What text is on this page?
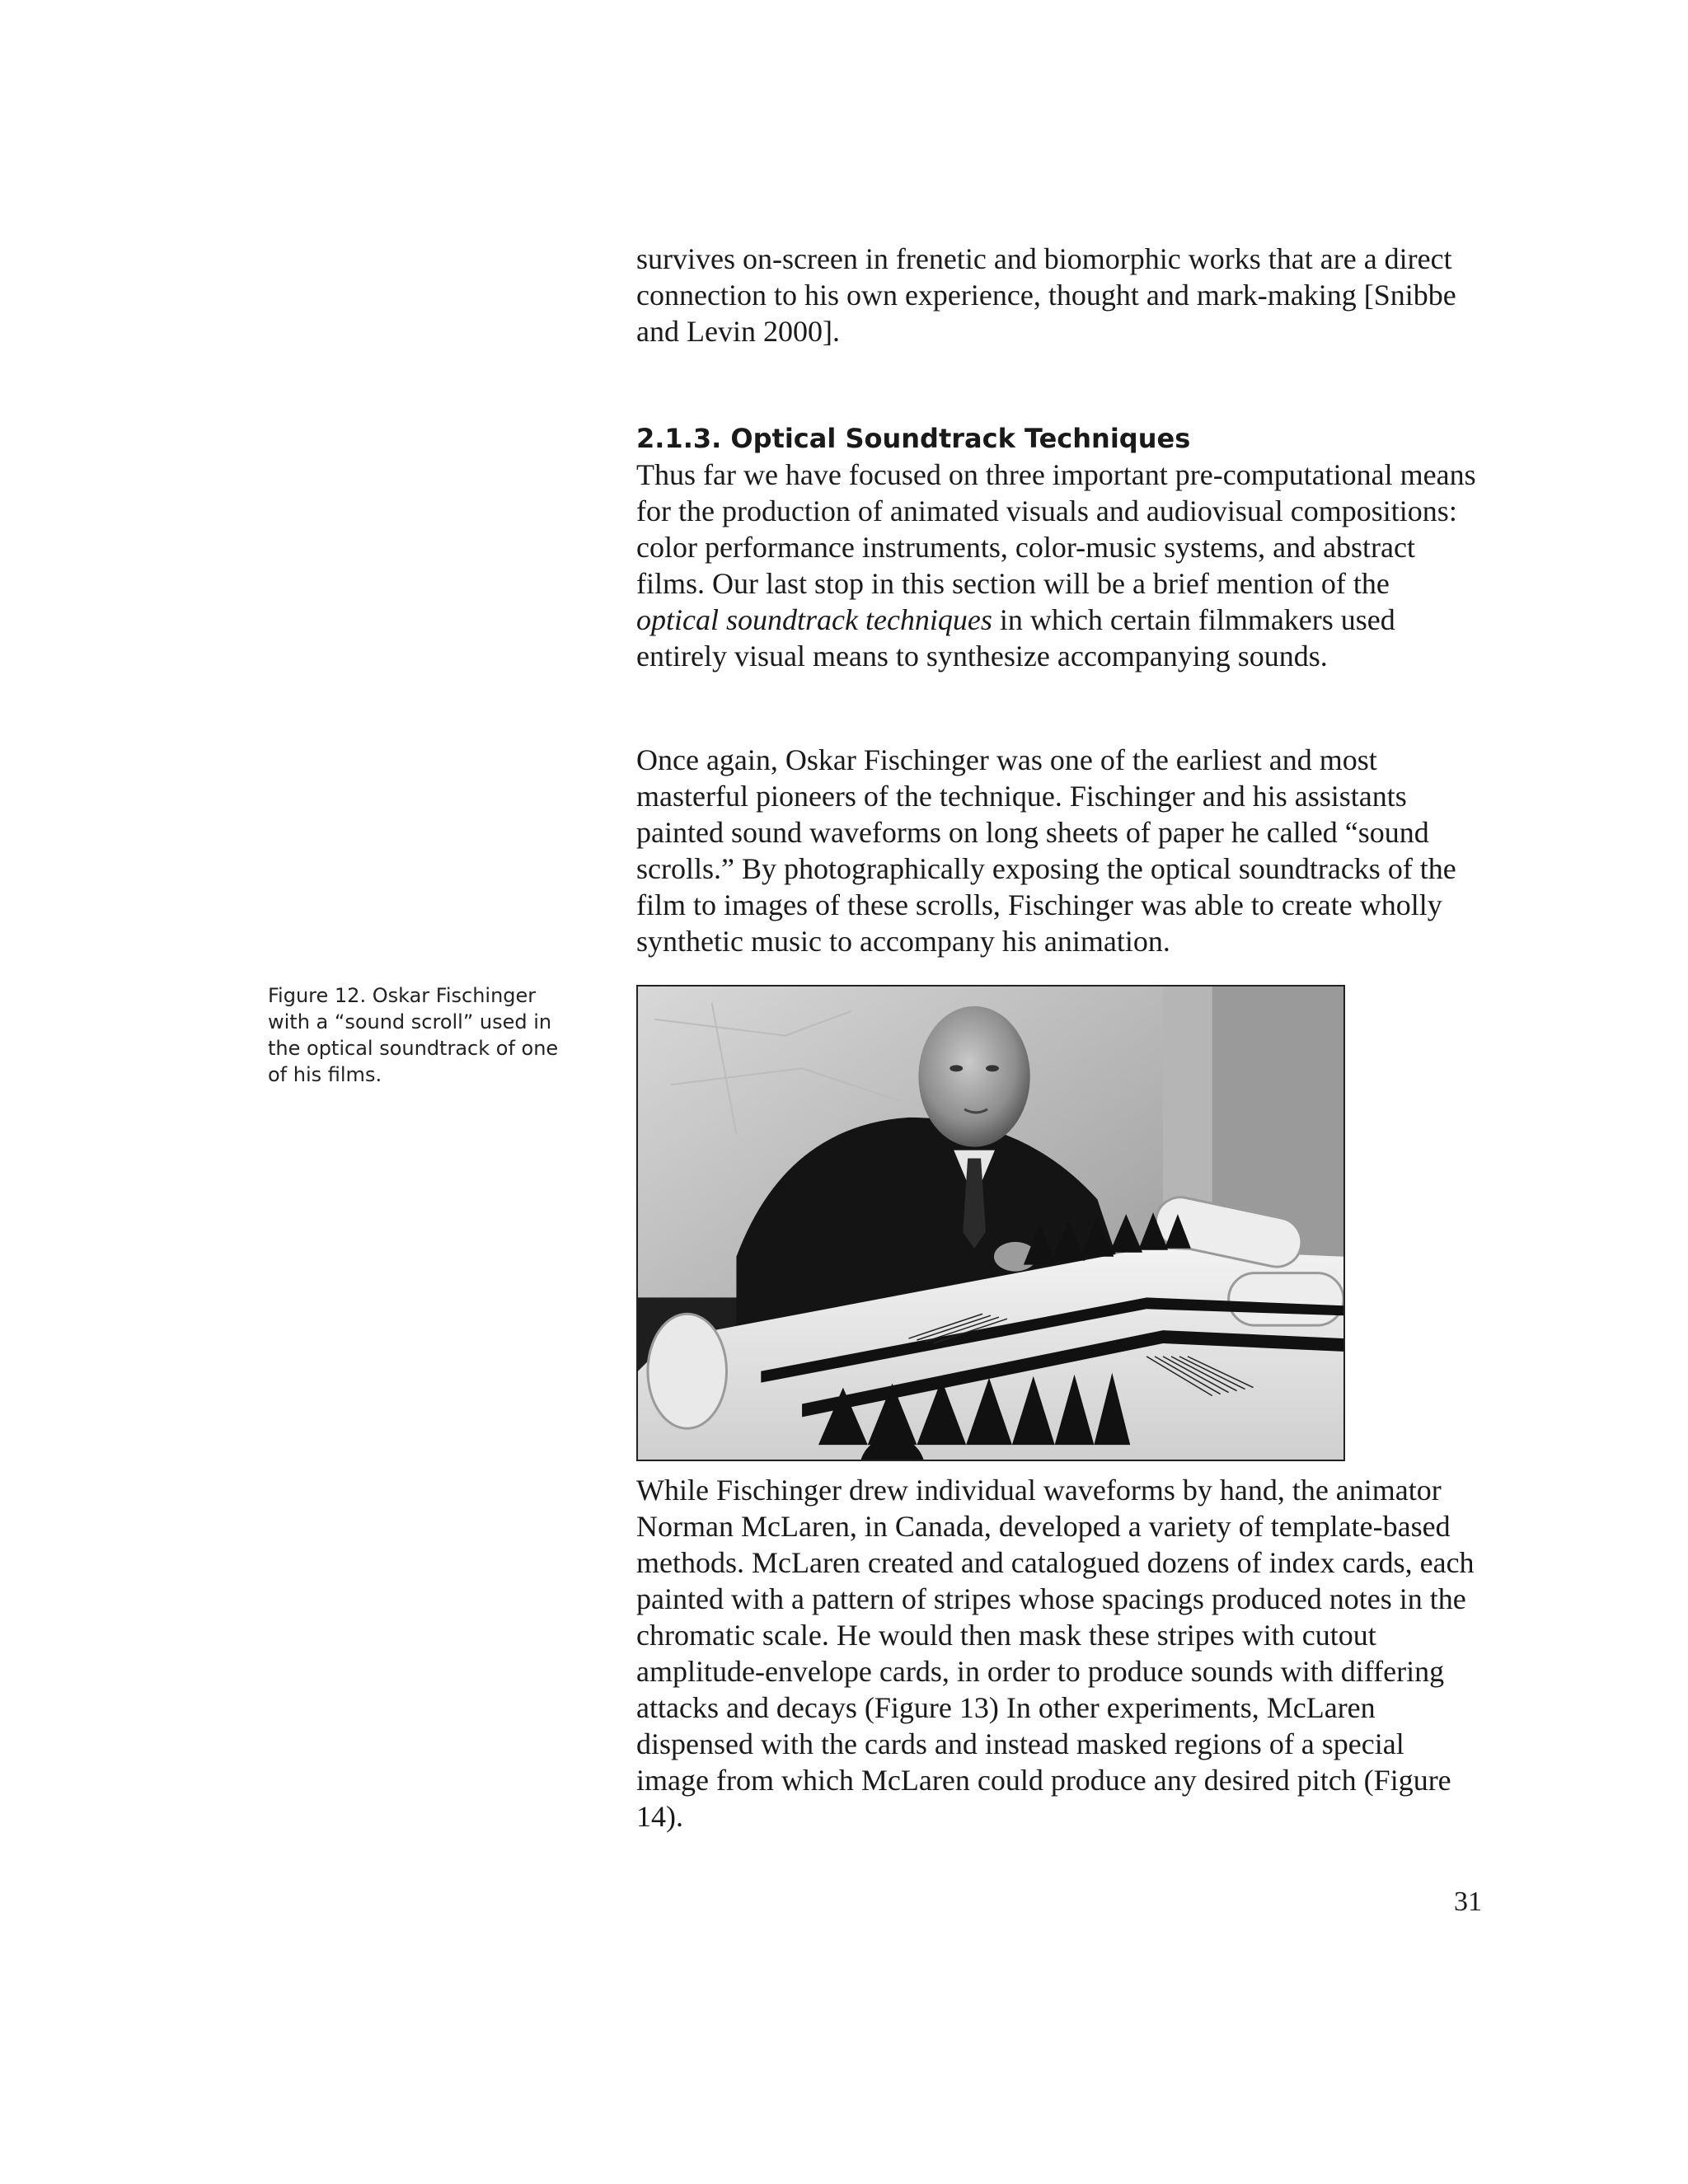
survives on-screen in frenetic and biomorphic works that are a direct connection to his own experience, thought and mark-making [Snibbe and Levin 2000].

2.1.3. Optical Soundtrack Techniques

Thus far we have focused on three important pre-computational means for the production of animated visuals and audiovisual compositions: color performance instruments, color-music systems, and abstract films. Our last stop in this section will be a brief mention of the optical soundtrack techniques in which certain filmmakers used entirely visual means to synthesize accompanying sounds.

Once again, Oskar Fischinger was one of the earliest and most masterful pioneers of the technique. Fischinger and his assistants painted sound waveforms on long sheets of paper he called “sound scrolls.” By photographically exposing the optical soundtracks of the film to images of these scrolls, Fischinger was able to create wholly synthetic music to accompany his animation.

Figure 12. Oskar Fischinger with a “sound scroll” used in the optical soundtrack of one of his films.

While Fischinger drew individual waveforms by hand, the animator Norman McLaren, in Canada, developed a variety of template-based methods. McLaren created and catalogued dozens of index cards, each painted with a pattern of stripes whose spacings produced notes in the chromatic scale. He would then mask these stripes with cutout amplitude-envelope cards, in order to produce sounds with differing attacks and decays (Figure 13) In other experiments, McLaren dispensed with the cards and instead masked regions of a special image from which McLaren could produce any desired pitch (Figure 14).

31
